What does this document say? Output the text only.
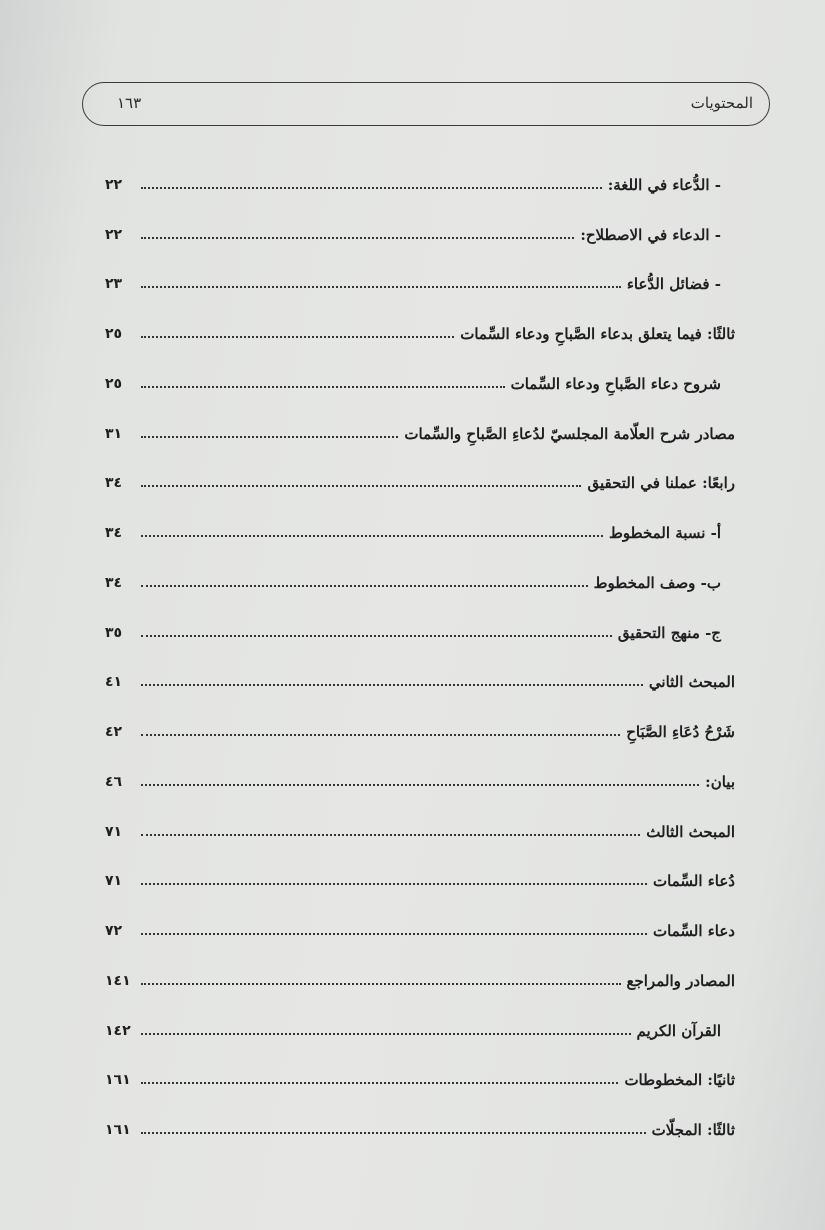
المحتويات
١٦٣
- الدُّعاء في اللغة:
٢٢
- الدعاء في الاصطلاح:
٢٢
- فضائل الدُّعاء
٢٣
ثالثًا: فيما يتعلق بدعاء الصَّباحِ ودعاء السِّمات
٢٥
شروح دعاء الصَّباحِ ودعاء السِّمات
٢٥
مصادر شرح العلّامة المجلسيّ لدُعاءِ الصَّباحِ والسِّمات
٣١
رابعًا: عملنا في التحقيق
٣٤
أ- نسبة المخطوط
٣٤
ب- وصف المخطوط
٣٤
ج- منهج التحقيق
٣٥
المبحث الثاني
٤١
شَرْحُ دُعَاءِ الصَّبَاحِ
٤٢
بيان:
٤٦
المبحث الثالث
٧١
دُعاء السِّمات
٧١
دعاء السِّمات
٧٢
المصادر والمراجع
١٤١
القرآن الكريم
١٤٢
ثانيًا: المخطوطات
١٦١
ثالثًا: المجلّات
١٦١
